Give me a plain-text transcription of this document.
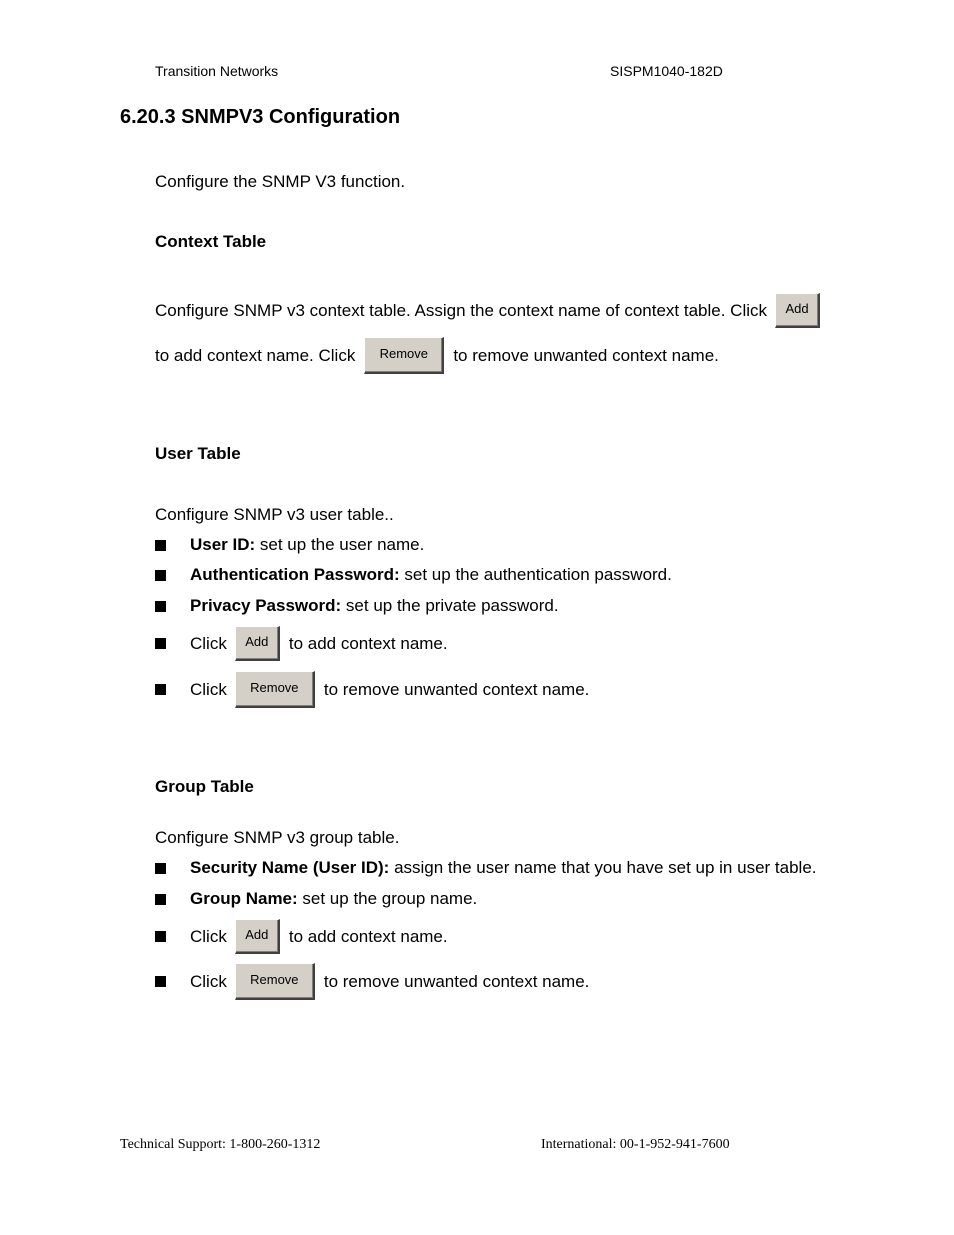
Transition Networks	SISPM1040-182D
6.20.3 SNMPV3 Configuration
Configure the SNMP V3 function.
Context Table
Configure SNMP v3 context table. Assign the context name of context table. Click	Add
to add context name. Click	Remove	to remove unwanted context name.
User Table
Configure SNMP v3 user table..
User ID: set up the user name.
Authentication Password: set up the authentication password.
Privacy Password: set up the private password.
Click	Add	to add context name.
Click	Remove	to remove unwanted context name.
Group Table
Configure SNMP v3 group table.
Security Name (User ID): assign the user name that you have set up in user table.
Group Name: set up the group name.
Click	Add	to add context name.
Click	Remove	to remove unwanted context name.
Technical Support: 1-800-260-1312	International: 00-1-952-941-7600
